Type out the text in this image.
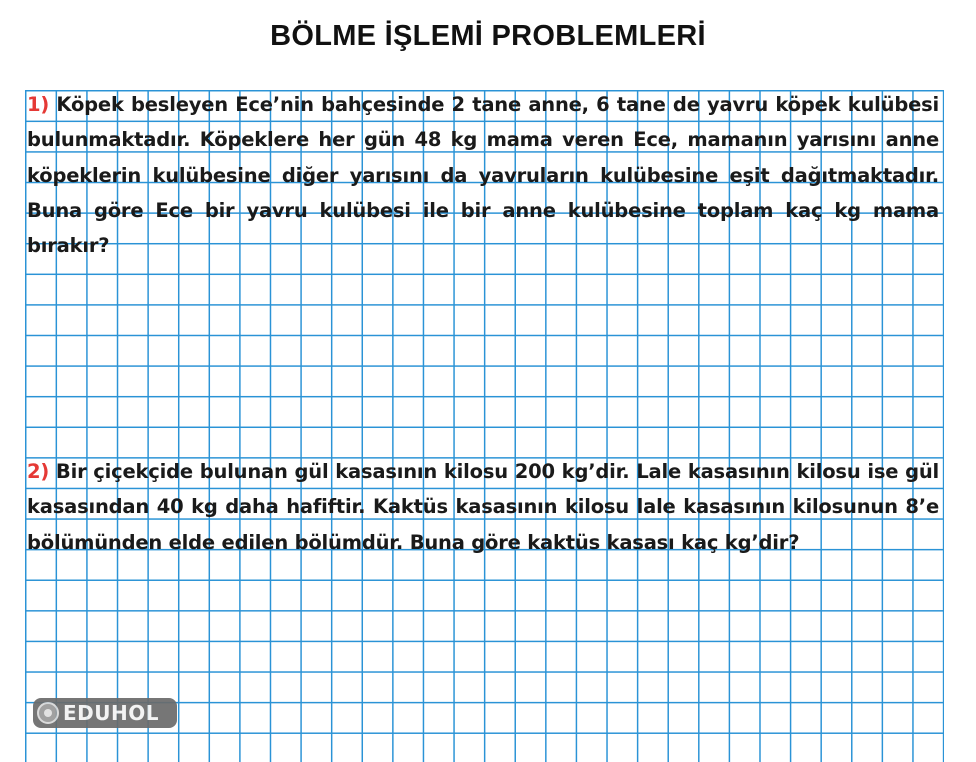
BÖLME İŞLEMİ PROBLEMLERİ

1) Köpek besleyen Ece’nin bahçesinde 2 tane anne, 6 tane de yavru köpek kulübesi bulunmaktadır. Köpeklere her gün 48 kg mama veren Ece, mamanın yarısını anne köpeklerin kulübesine diğer yarısını da yavruların kulübesine eşit dağıtmaktadır. Buna göre Ece bir yavru kulübesi ile bir anne kulübesine toplam kaç kg mama bırakır?

2) Bir çiçekçide bulunan gül kasasının kilosu 200 kg’dir. Lale kasasının kilosu ise gül kasasından 40 kg daha hafiftir. Kaktüs kasasının kilosu lale kasasının kilosunun 8’e bölümünden elde edilen bölümdür. Buna göre kaktüs kasası kaç kg’dir?

EDUHOL
